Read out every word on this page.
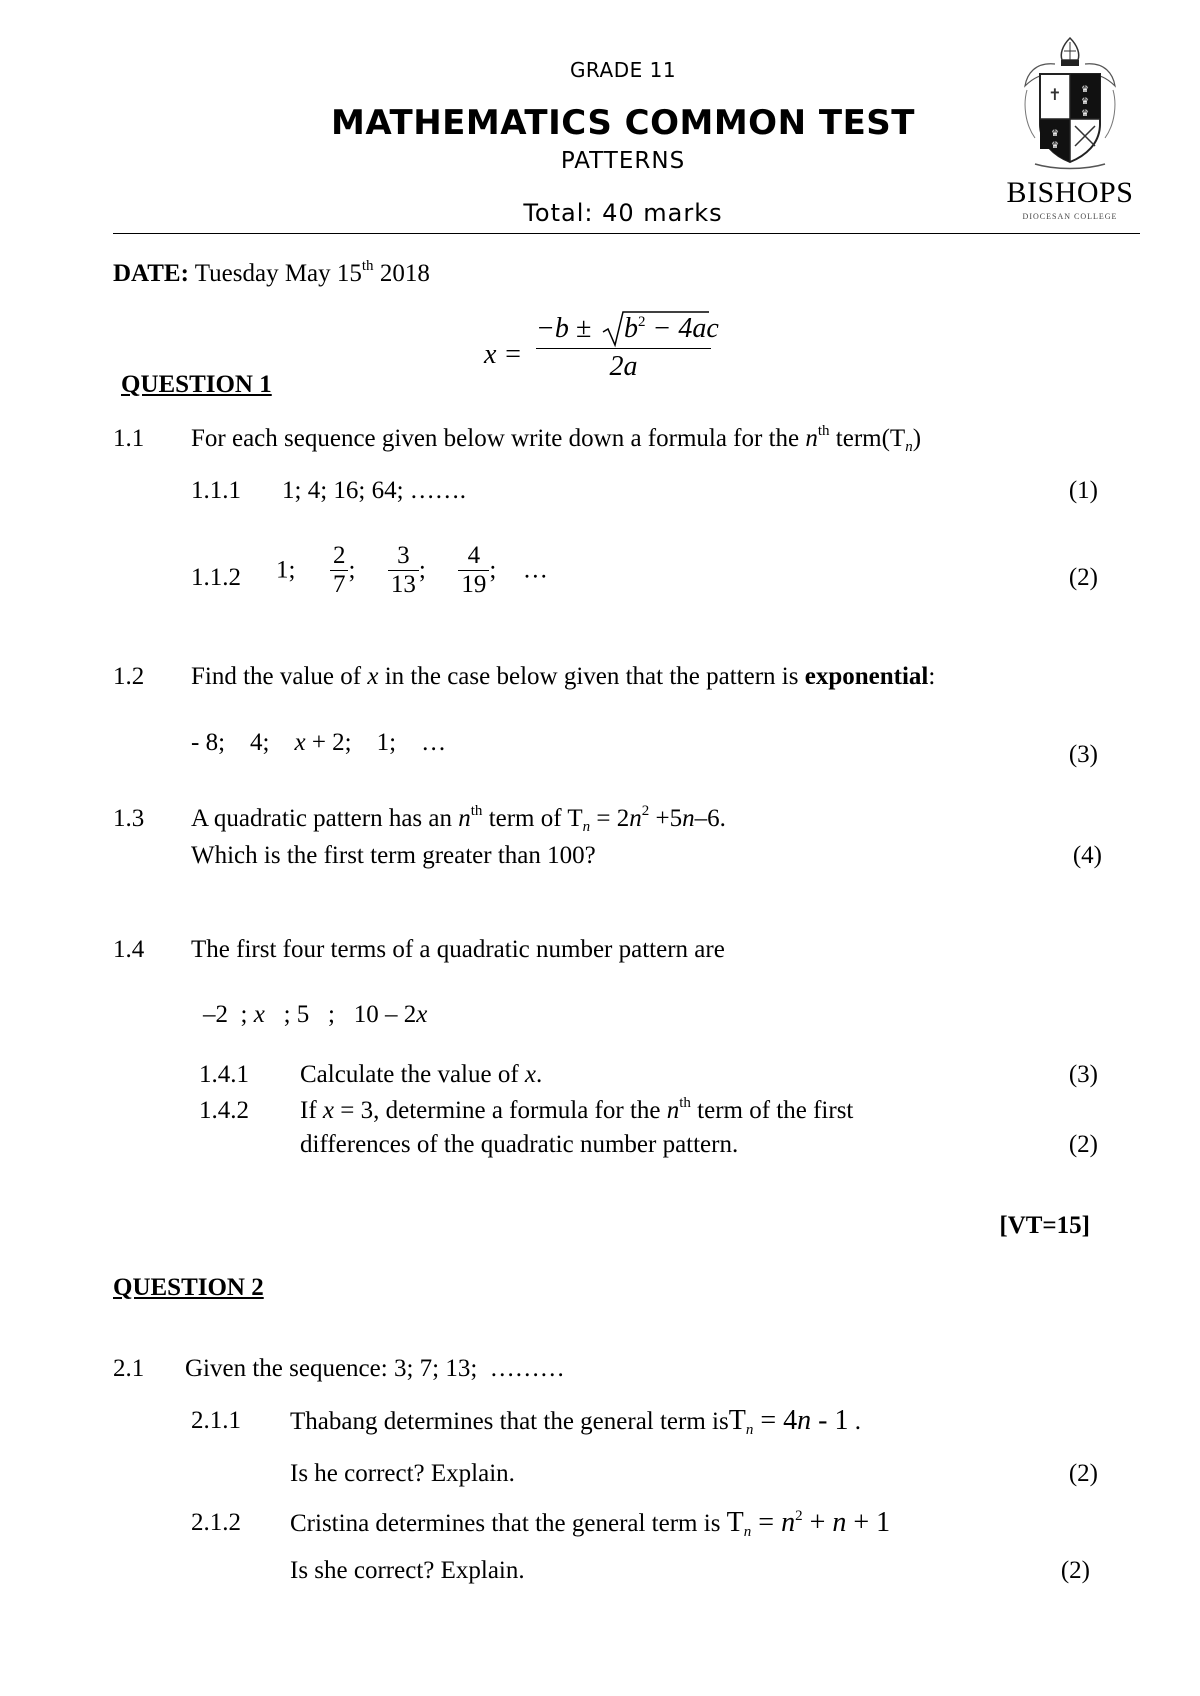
GRADE 11
MATHEMATICS COMMON TEST
PATTERNS
Total: 40 marks
♛
♛
♛
♛
♛
✝
BISHOPS
DIOCESAN COLLEGE
DATE: Tuesday May 15th 2018
x =
$-b \pm b^2 - 4ac$
2a
QUESTION 1
1.1 For each sequence given below write down a formula for the $n^{th}$ $term(T_n)$
1.1.1 1; 4; 16; 64; …….	(1)
1.1.2 1; $\frac{2}{7}$ ; $\frac{3}{13}$ ; $\frac{4}{19}$ ; …	(2)
1.2 Find the value of x in the case below given that the pattern is exponential:
- 8;    4;    x + 2;    1;    …	(3)
1.3 A quadratic pattern has an $n^{th}$ term of $T_n = 2n^2 +5n-6$.
Which is the first term greater than 100?	(4)
1.4 The first four terms of a quadratic number pattern are
–2  ; x   ; 5   ;   10 – 2x
1.4.1 Calculate the value of x.	(3)
1.4.2 If x = 3, determine a formula for the $n^{th}$ term of the first
differences of the quadratic number pattern.	(2)
[VT=15]
QUESTION 2
2.1 Given the sequence: 3; 7; 13;  ………
2.1.1 Thabang determines that the general term isT$_n$ = 4n - 1 .
Is he correct? Explain.	(2)
2.1.2 Cristina determines that the general term is $T_n = n^2 + n + 1$
Is she correct? Explain.	(2)
